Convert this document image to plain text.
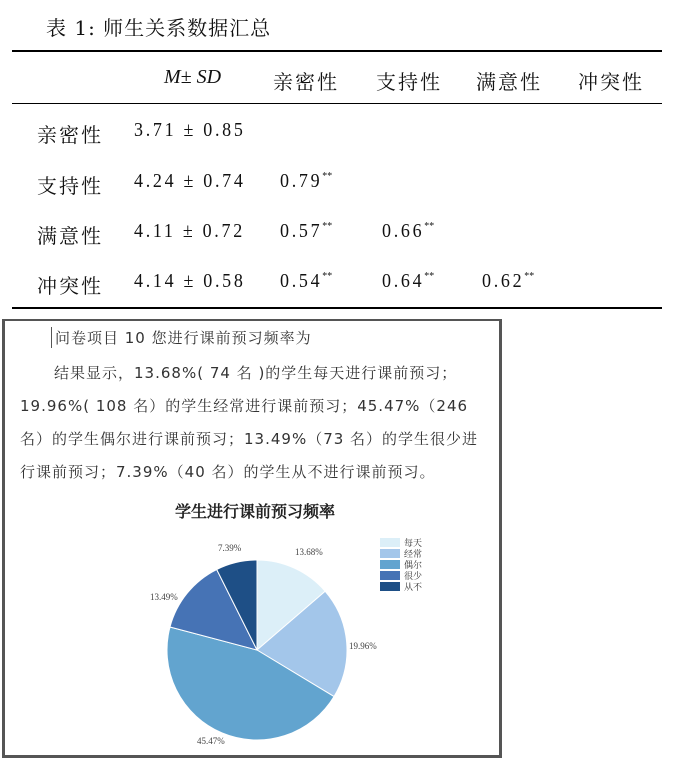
表 1: 师生关系数据汇总
M± SD	亲密性 支持性 满意性 冲突性
亲密性 3.71 ± 0.85
支持性 4.24 ± 0.74 0.79**
满意性 4.11 ± 0.72 0.57** 0.66**
冲突性 4.14 ± 0.58 0.54** 0.64** 0.62**
问卷项目 10 您进行课前预习频率为
结果显示，13.68%( 74 名 )的学生每天进行课前预习；19.96%( 108 名）的学生经常进行课前预习；45.47%（246 名）的学生偶尔进行课前预习；13.49%（73 名）的学生很少进行课前预习；7.39%（40 名）的学生从不进行课前预习。
学生进行课前预习频率
13.68%
19.96%
45.47%
13.49%
7.39%	每天
经常
偶尔
很少
从不
